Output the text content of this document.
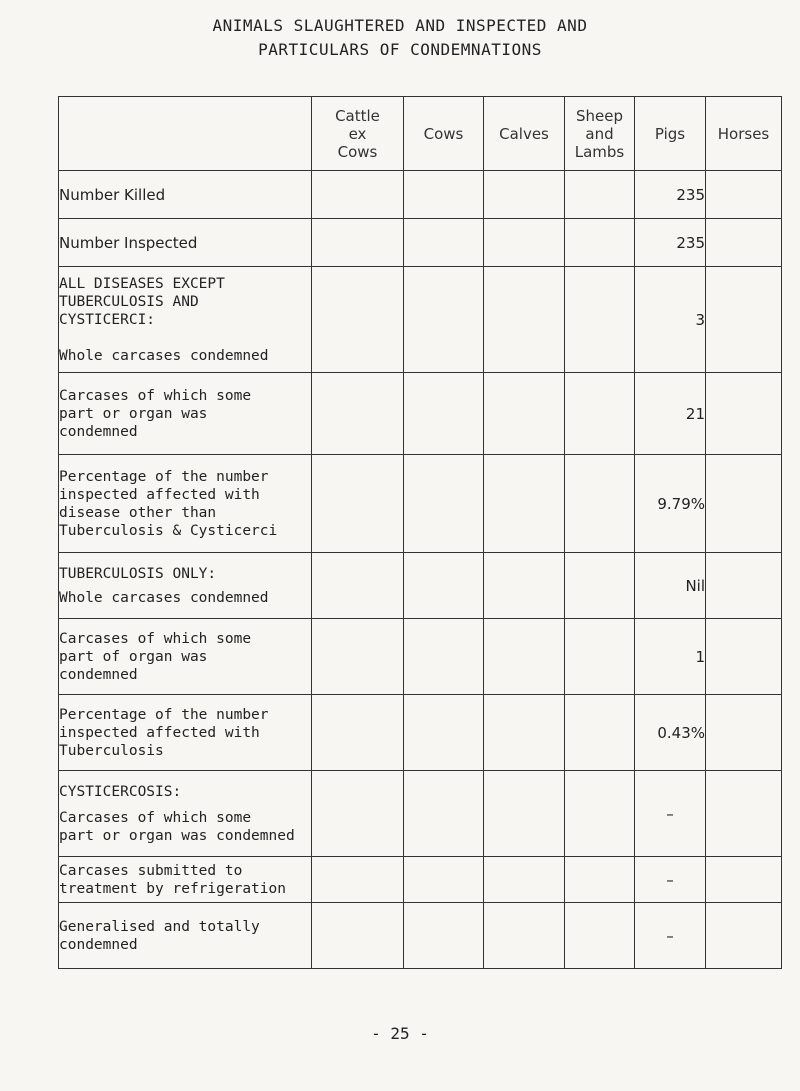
ANIMALS SLAUGHTERED AND INSPECTED AND
PARTICULARS OF CONDEMNATIONS

	Cattle
ex
Cows	Cows	Calves	Sheep
and
Lambs	Pigs	Horses
Number Killed					235	
Number Inspected					235	

ALL DISEASES EXCEPT
TUBERCULOSIS AND
CYSTICERCI:
Whole carcases condemned					3	

Carcases of which some
part or organ was
condemned					21	

Percentage of the number
inspected affected with
disease other than
Tuberculosis & Cysticerci					9.79%	

TUBERCULOSIS ONLY:
Whole carcases condemned					Nil	

Carcases of which some
part of organ was
condemned					1	

Percentage of the number
inspected affected with
Tuberculosis					0.43%	

CYSTICERCOSIS:
Carcases of which some
part or organ was condemned					–	

Carcases submitted to
treatment by refrigeration					–	

Generalised and totally
condemned					–	
- 25 -
